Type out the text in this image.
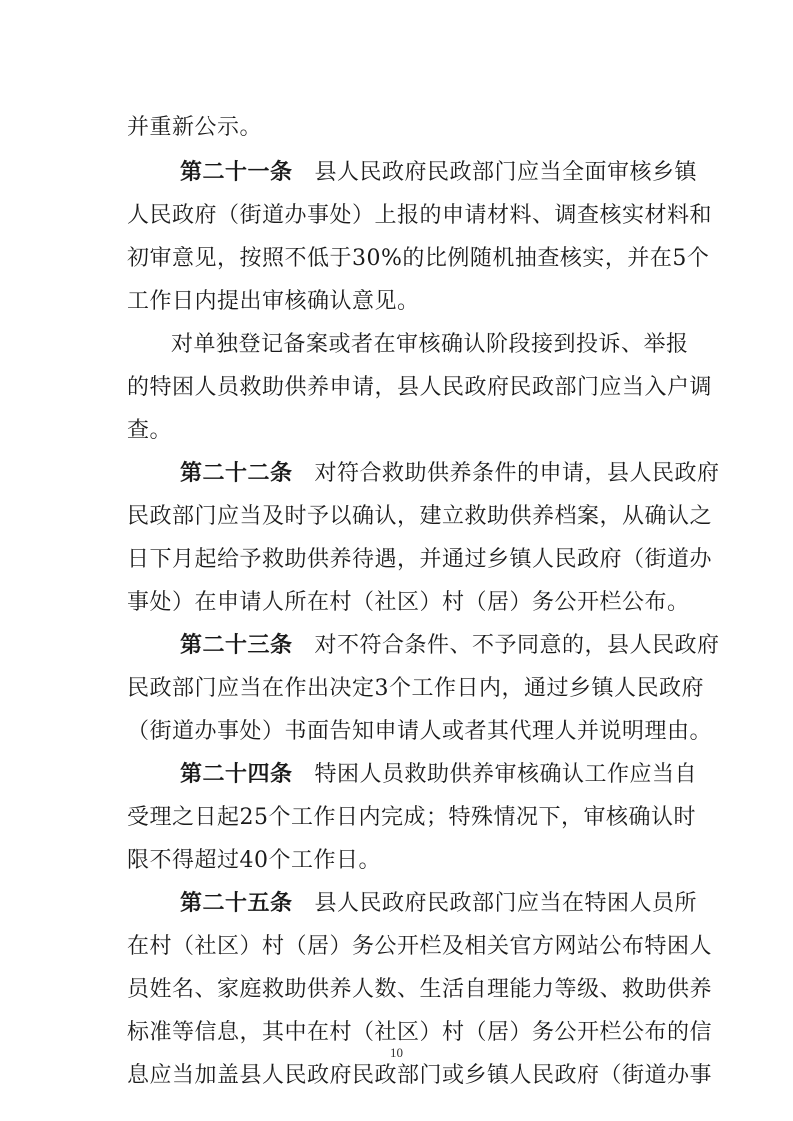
并重新公示。
第二十一条 县人民政府民政部门应当全面审核乡镇
人民政府（街道办事处）上报的申请材料、调查核实材料和
初审意见，按照不低于30%的比例随机抽查核实，并在5个
工作日内提出审核确认意见。
对单独登记备案或者在审核确认阶段接到投诉、举报
的特困人员救助供养申请，县人民政府民政部门应当入户调
查。
第二十二条 对符合救助供养条件的申请，县人民政府
民政部门应当及时予以确认，建立救助供养档案，从确认之
日下月起给予救助供养待遇，并通过乡镇人民政府（街道办
事处）在申请人所在村（社区）村（居）务公开栏公布。
第二十三条 对不符合条件、不予同意的，县人民政府
民政部门应当在作出决定3个工作日内，通过乡镇人民政府
（街道办事处）书面告知申请人或者其代理人并说明理由。
第二十四条 特困人员救助供养审核确认工作应当自
受理之日起25个工作日内完成；特殊情况下，审核确认时
限不得超过40个工作日。
第二十五条 县人民政府民政部门应当在特困人员所
在村（社区）村（居）务公开栏及相关官方网站公布特困人
员姓名、家庭救助供养人数、生活自理能力等级、救助供养
标准等信息，其中在村（社区）村（居）务公开栏公布的信
息应当加盖县人民政府民政部门或乡镇人民政府（街道办事
10
